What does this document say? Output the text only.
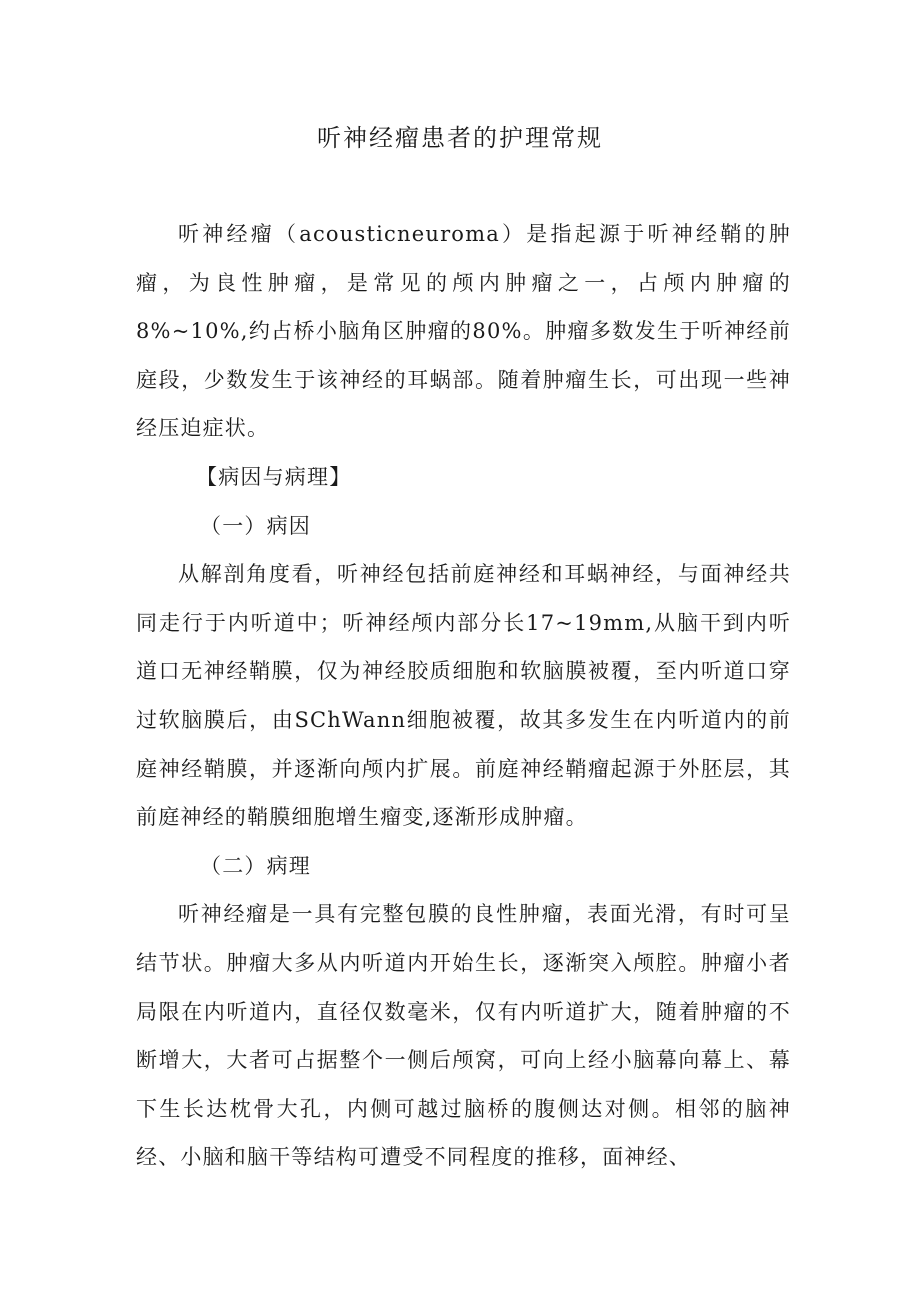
听神经瘤患者的护理常规

听神经瘤（acousticneuroma）是指起源于听神经鞘的肿瘤，为良性肿瘤，是常见的颅内肿瘤之一，占颅内肿瘤的8%~10%,约占桥小脑角区肿瘤的80%。肿瘤多数发生于听神经前庭段，少数发生于该神经的耳蜗部。随着肿瘤生长，可出现一些神经压迫症状。

【病因与病理】

（一）病因

从解剖角度看，听神经包括前庭神经和耳蜗神经，与面神经共同走行于内听道中；听神经颅内部分长17~19mm,从脑干到内听道口无神经鞘膜，仅为神经胶质细胞和软脑膜被覆，至内听道口穿过软脑膜后，由SChWann细胞被覆，故其多发生在内听道内的前庭神经鞘膜，并逐渐向颅内扩展。前庭神经鞘瘤起源于外胚层，其前庭神经的鞘膜细胞增生瘤变,逐渐形成肿瘤。

（二）病理

听神经瘤是一具有完整包膜的良性肿瘤，表面光滑，有时可呈结节状。肿瘤大多从内听道内开始生长，逐渐突入颅腔。肿瘤小者局限在内听道内，直径仅数毫米，仅有内听道扩大，随着肿瘤的不断增大，大者可占据整个一侧后颅窝，可向上经小脑幕向幕上、幕下生长达枕骨大孔，内侧可越过脑桥的腹侧达对侧。相邻的脑神经、小脑和脑干等结构可遭受不同程度的推移，面神经、
